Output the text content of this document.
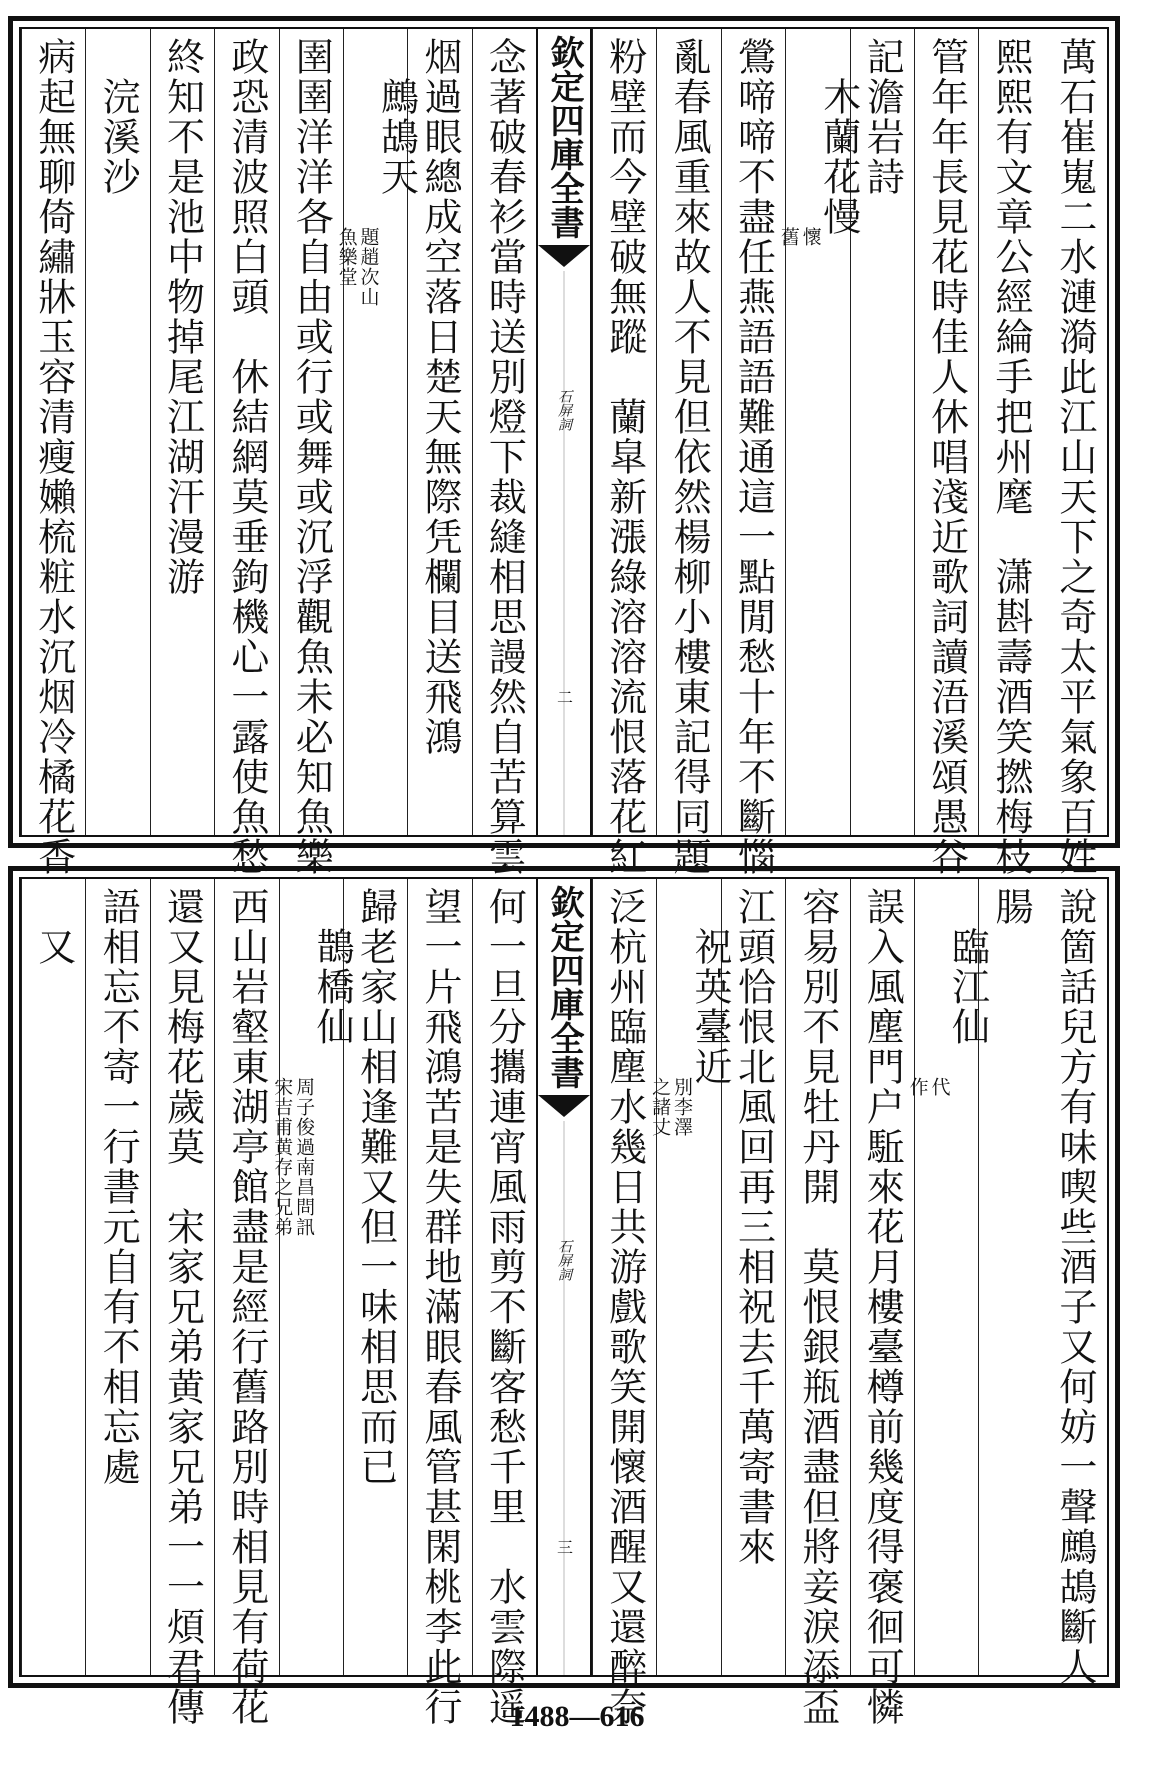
萬石崔嵬二水漣漪此江山天下之奇太平氣象百姓
熙熙有文章公經綸手把州麾　潇斟壽酒笑撚梅枝
管年年長見花時佳人休唱淺近歌詞讀浯溪頌愚谷
記澹岩詩
木蘭花慢
懷
舊
鶯啼啼不盡任燕語語難通這一點閒愁十年不斷惱
亂春風重來故人不見但依然楊柳小樓東記得同題
粉壁而今壁破無蹤　蘭皐新漲綠溶溶流恨落花紅
念著破春衫當時送別燈下裁縫相思謾然自苦算雲
烟過眼總成空落日楚天無際凭欄目送飛鴻
鷓鴣天
題趙次山
魚樂堂
圉圉洋洋各自由或行或舞或沉浮觀魚未必知魚樂
政恐清波照白頭　休結網莫垂鉤機心一露使魚愁
終知不是池中物掉尾江湖汗漫游
浣溪沙
病起無聊倚繡牀玉容清瘦嬾梳粧水沉烟冷橘花香	欽定四庫全書
石屏詞
二
說箇話兒方有味喫些酒子又何妨一聲鷓鴣斷人
腸
臨江仙
代
作
誤入風塵門户駈來花月樓臺樽前幾度得褒徊可憐
容易別不見牡丹開　莫恨銀瓶酒盡但將妾淚添盃
江頭恰恨北風回再三相祝去千萬寄書來
祝英臺近
別李澤
之諸丈
泛杭州臨塵水幾日共游戲歌笑開懷酒醒又還醉奈
何一旦分攜連宵風雨剪不斷客愁千里　水雲際遥
望一片飛鴻苦是失群地滿眼春風管甚閑桃李此行
歸老家山相逢難又但一味相思而已
鵲橋仙
周子俊過南昌問訊
宋吉甫黄存之兄弟
西山岩壑東湖亭館盡是經行舊路別時相見有荷花
還又見梅花歲莫　宋家兄弟黄家兄弟一一煩君傳
語相忘不寄一行書元自有不相忘處
又	欽定四庫全書
石屏詞
三
1488—616
